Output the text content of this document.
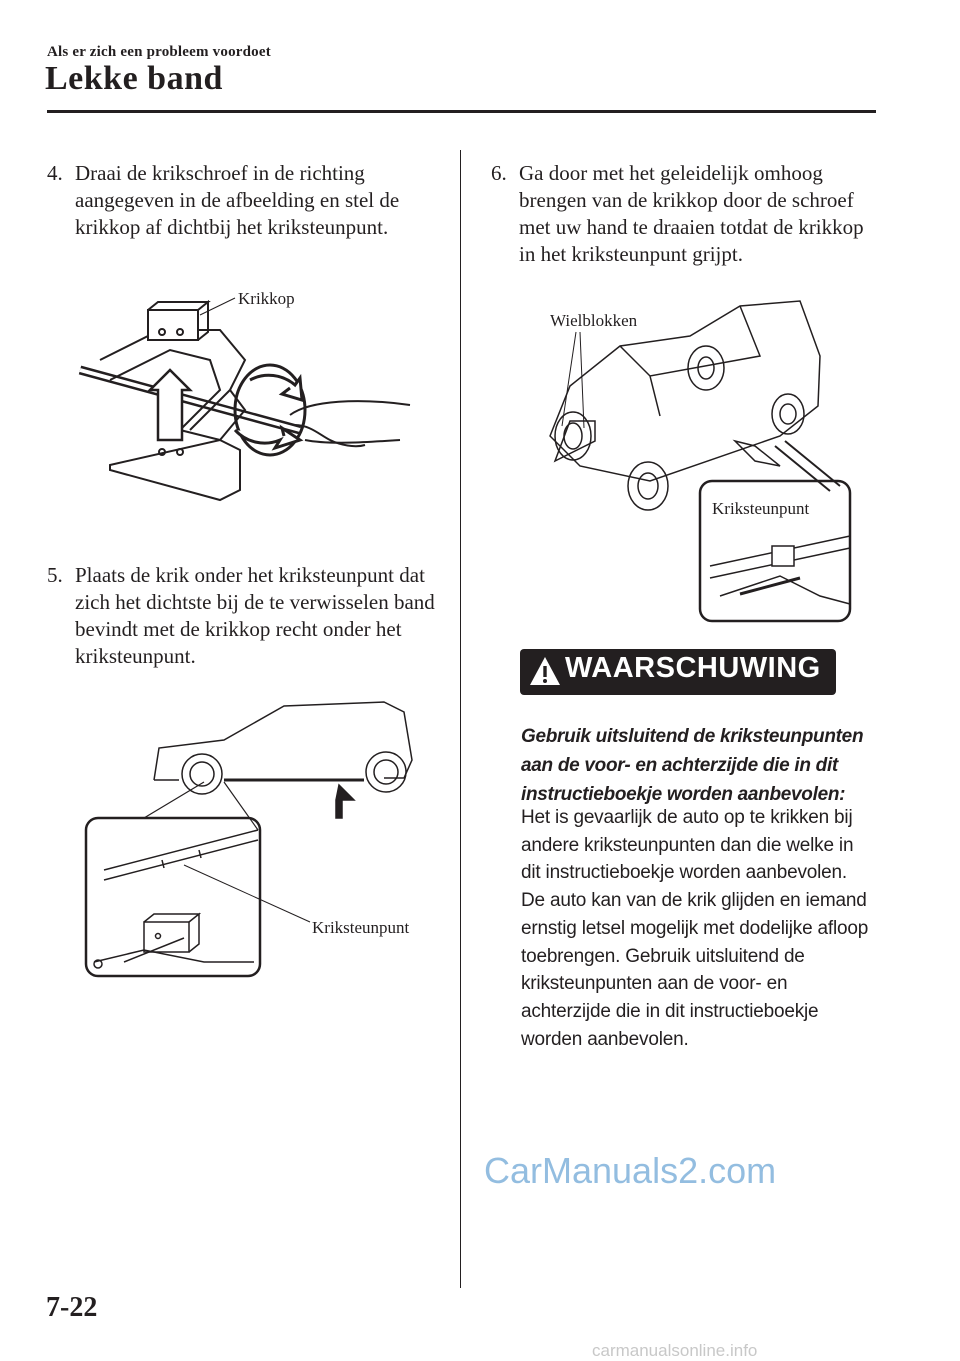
Als er zich een probleem voordoet
Lekke band
4. Draai de krikschroef in de richting aangegeven in de afbeelding en stel de krikkop af dichtbij het kriksteunpunt.
Krikkop
5. Plaats de krik onder het kriksteunpunt dat zich het dichtste bij de te verwisselen band bevindt met de krikkop recht onder het kriksteunpunt.
Kriksteunpunt
6. Ga door met het geleidelijk omhoog brengen van de krikkop door de schroef met uw hand te draaien totdat de krikkop in het kriksteunpunt grijpt.
Wielblokken
Kriksteunpunt
WAARSCHUWING
Gebruik uitsluitend de kriksteunpunten aan de voor- en achterzijde die in dit instructieboekje worden aanbevolen:
Het is gevaarlijk de auto op te krikken bij andere kriksteunpunten dan die welke in dit instructieboekje worden aanbevolen. De auto kan van de krik glijden en iemand ernstig letsel mogelijk met dodelijke afloop toebrengen. Gebruik uitsluitend de kriksteunpunten aan de voor- en achterzijde die in dit instructieboekje worden aanbevolen.
CarManuals2.com
7-22
carmanualsonline.info
